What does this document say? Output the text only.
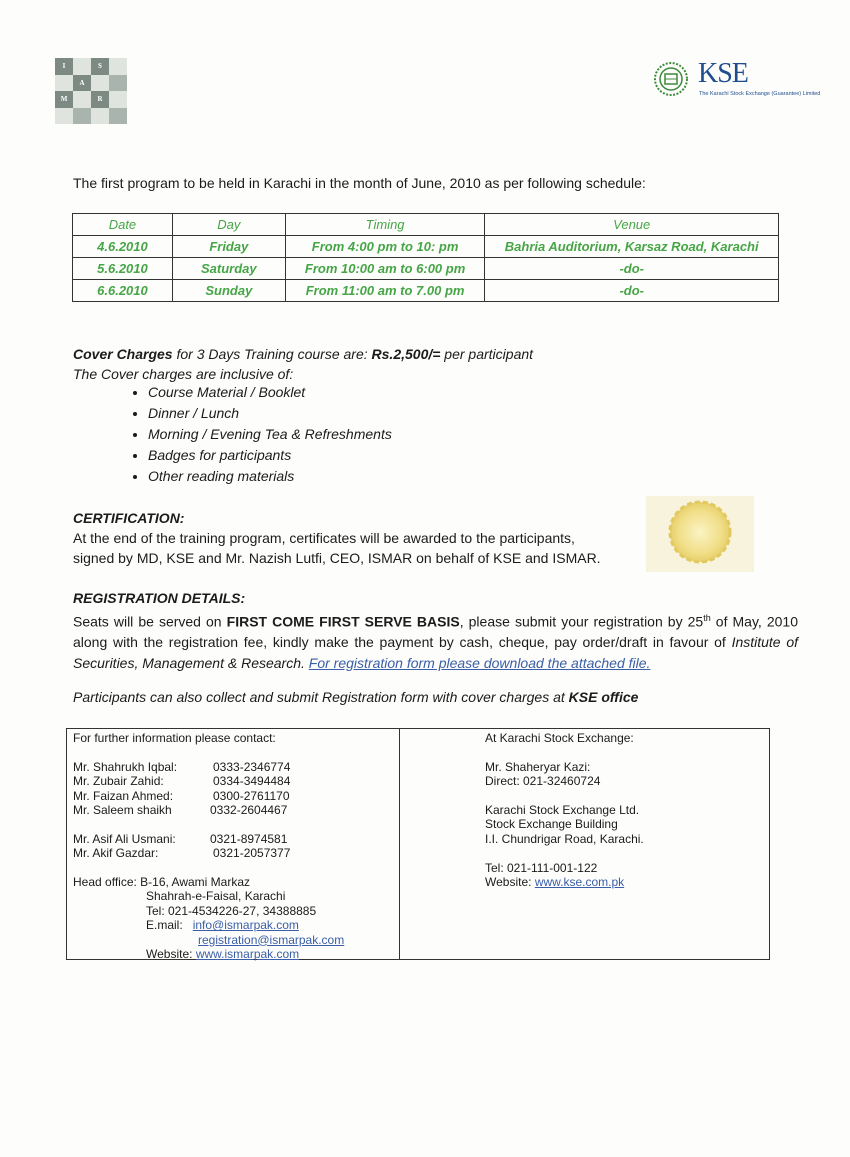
I	S
A
M	R
KSE
The Karachi Stock Exchange (Guarantee) Limited
The first program to be held in Karachi in the month of June, 2010 as per following schedule:
Date	Day	Timing	Venue
4.6.2010	Friday	From 4:00 pm to 10: pm	Bahria Auditorium, Karsaz Road, Karachi
5.6.2010	Saturday	From 10:00 am to 6:00 pm	-do-
6.6.2010	Sunday	From 11:00 am to 7.00 pm	-do-
Cover Charges for 3 Days Training course are: Rs.2,500/= per participant
The Cover charges are inclusive of:
• Course Material / Booklet
• Dinner / Lunch
• Morning / Evening Tea & Refreshments
• Badges for participants
• Other reading materials
CERTIFICATION:
At the end of the training program, certificates will be awarded to the participants,
signed by MD, KSE and Mr. Nazish Lutfi, CEO, ISMAR on behalf of KSE and ISMAR.
REGISTRATION DETAILS:
Seats will be served on FIRST COME FIRST SERVE BASIS, please submit your registration by 25th of May, 2010 along with the registration fee, kindly make the payment by cash, cheque, pay order/draft in favour of Institute of Securities, Management & Research. For registration form please download the attached file.
Participants can also collect and submit Registration form with cover charges at KSE office
For further information please contact:

Mr. Shahrukh Iqbal:	0333-2346774
Mr. Zubair Zahid:	0334-3494484
Mr. Faizan Ahmed:	0300-2761170
Mr. Saleem shaikh	0332-2604467

Mr. Asif Ali Usmani:	0321-8974581
Mr. Akif Gazdar:	0321-2057377

Head office: B-16, Awami Markaz
Shahrah-e-Faisal, Karachi
Tel: 021-4534226-27, 34388885
E.mail: info@ismarpak.com
registration@ismarpak.com
Website: www.ismarpak.com
At Karachi Stock Exchange:

Mr. Shaheryar Kazi:
Direct: 021-32460724

Karachi Stock Exchange Ltd.
Stock Exchange Building
I.I. Chundrigar Road, Karachi.

Tel: 021-111-001-122
Website: www.kse.com.pk
